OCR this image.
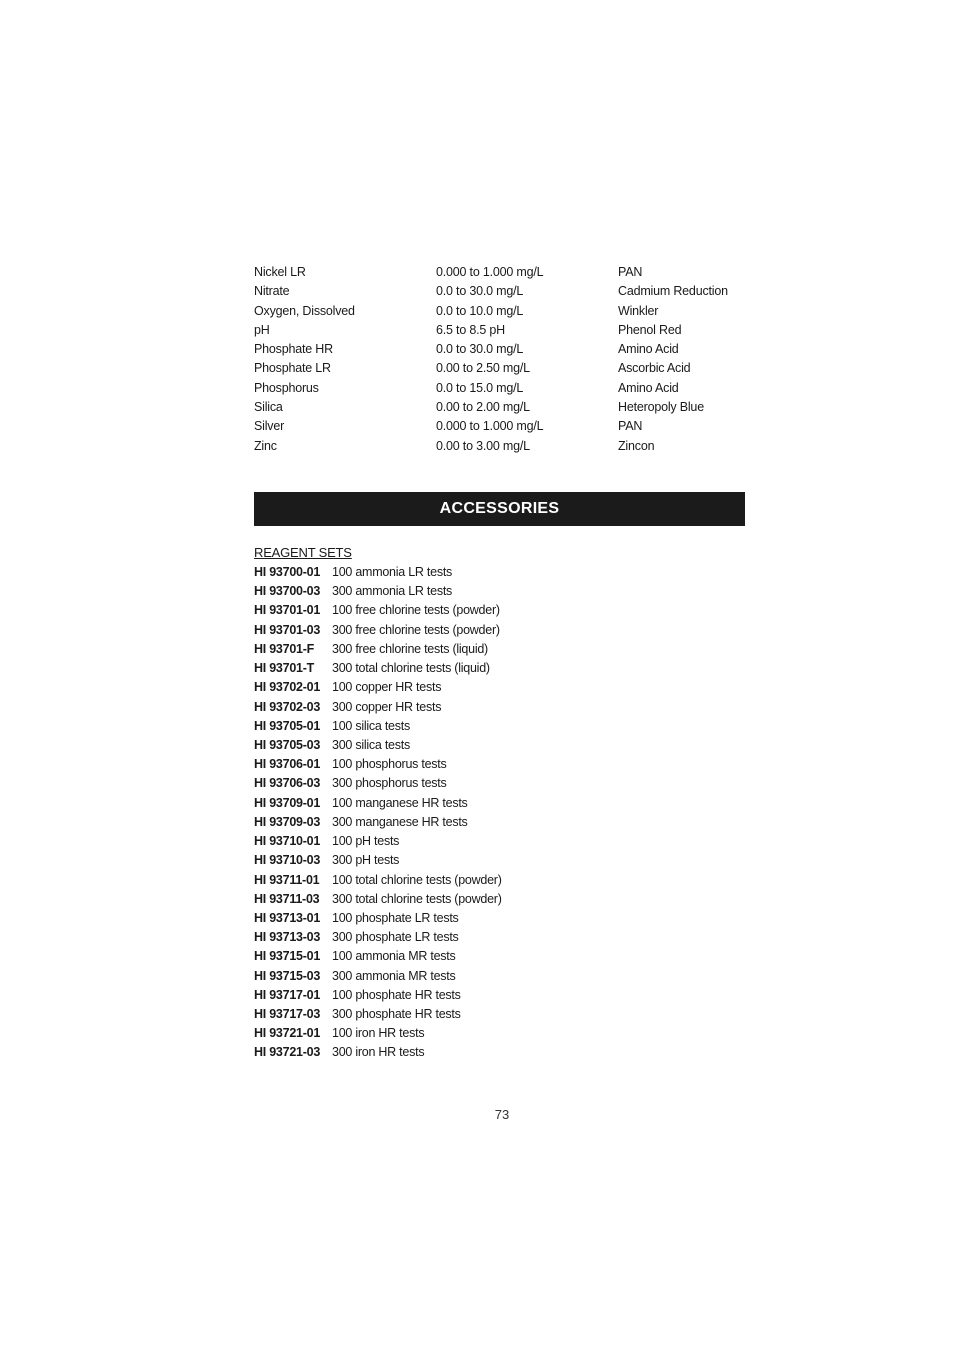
Nickel LR	0.000 to 1.000 mg/L	PAN
Nitrate	0.0 to 30.0 mg/L	Cadmium Reduction
Oxygen, Dissolved	0.0 to 10.0 mg/L	Winkler
pH	6.5 to 8.5 pH	Phenol Red
Phosphate HR	0.0 to 30.0 mg/L	Amino Acid
Phosphate LR	0.00 to 2.50 mg/L	Ascorbic Acid
Phosphorus	0.0 to 15.0 mg/L	Amino Acid
Silica	0.00 to 2.00 mg/L	Heteropoly Blue
Silver	0.000 to 1.000 mg/L	PAN
Zinc	0.00 to 3.00 mg/L	Zincon
ACCESSORIES
REAGENT SETS
HI 93700-01 100 ammonia LR tests
HI 93700-03 300 ammonia LR tests
HI 93701-01 100 free chlorine tests (powder)
HI 93701-03 300 free chlorine tests (powder)
HI 93701-F	300 free chlorine tests (liquid)
HI 93701-T	300 total chlorine tests (liquid)
HI 93702-01 100 copper HR tests
HI 93702-03 300 copper HR tests
HI 93705-01 100 silica tests
HI 93705-03 300 silica tests
HI 93706-01 100 phosphorus tests
HI 93706-03 300 phosphorus tests
HI 93709-01 100 manganese HR tests
HI 93709-03 300 manganese HR tests
HI 93710-01 100 pH tests
HI 93710-03 300 pH tests
HI 93711-01	100 total chlorine tests (powder)
HI 93711-03	300 total chlorine tests (powder)
HI 93713-01 100 phosphate LR tests
HI 93713-03 300 phosphate LR tests
HI 93715-01 100 ammonia MR tests
HI 93715-03 300 ammonia MR tests
HI 93717-01 100 phosphate HR tests
HI 93717-03 300 phosphate HR tests
HI 93721-01 100 iron HR tests
HI 93721-03 300 iron HR tests
73
